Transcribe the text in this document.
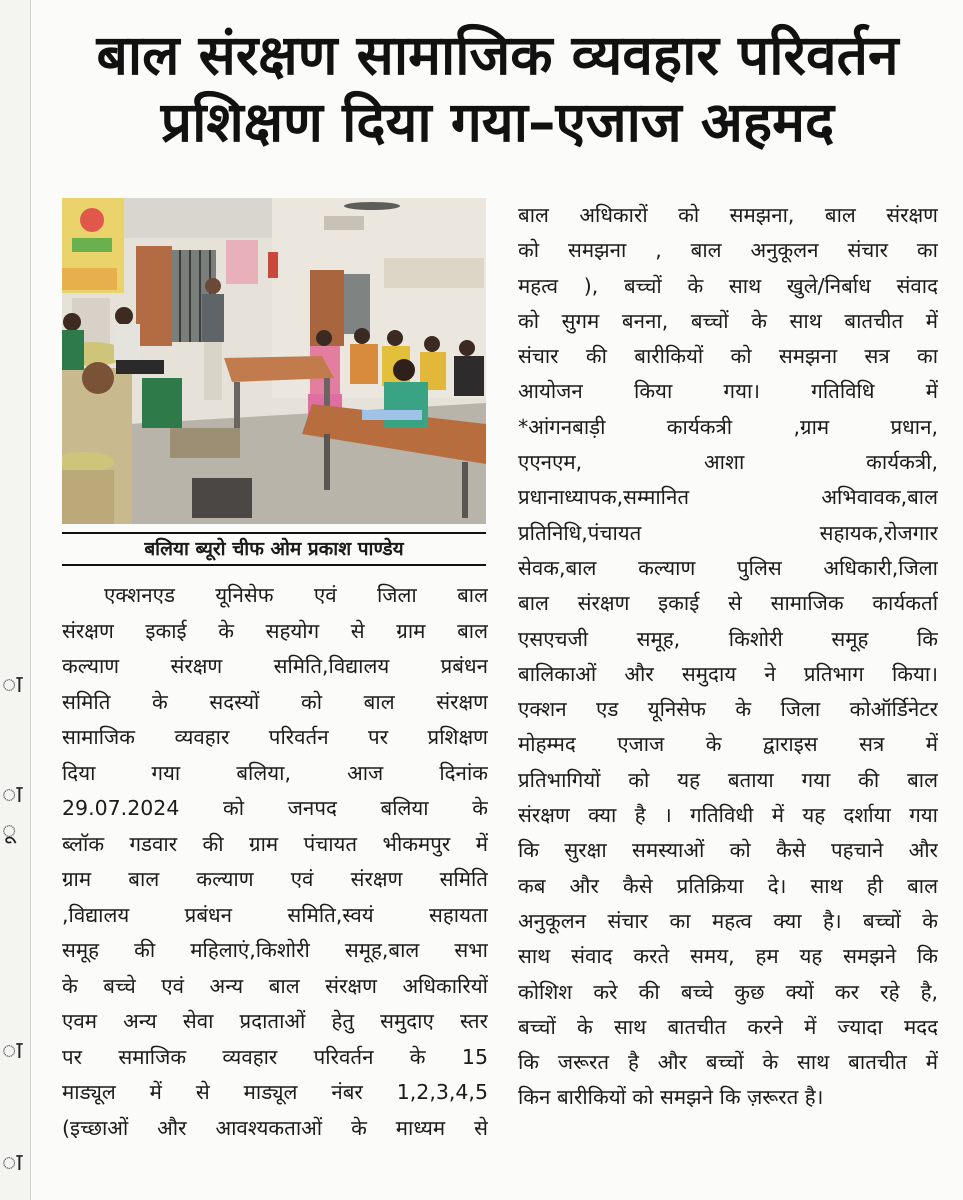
ा
ा
ू
ा
ा
बाल संरक्षण सामाजिक व्यवहार परिवर्तन
प्रशिक्षण दिया गया–एजाज अहमद
बलिया ब्यूरो चीफ ओम प्रकाश पाण्डेय
एक्शनएड यूनिसेफ एवं जिला बाल
संरक्षण इकाई के सहयोग से ग्राम बाल
कल्याण संरक्षण समिति,विद्यालय प्रबंधन
समिति के सदस्यों को बाल संरक्षण
सामाजिक व्यवहार परिवर्तन पर प्रशिक्षण
दिया गया बलिया, आज दिनांक
29.07.2024 को जनपद बलिया के
ब्लॉक गडवार की ग्राम पंचायत भीकमपुर में
ग्राम बाल कल्याण एवं संरक्षण समिति
,विद्यालय प्रबंधन समिति,स्वयं सहायता
समूह की महिलाएं,किशोरी समूह,बाल सभा
के बच्चे एवं अन्य बाल संरक्षण अधिकारियों
एवम अन्य सेवा प्रदाताओं हेतु समुदाए स्तर
पर समाजिक व्यवहार परिवर्तन के 15
माड्यूल में से माड्यूल नंबर 1,2,3,4,5
(इच्छाओं और आवश्यकताओं के माध्यम से
बाल अधिकारों को समझना, बाल संरक्षण
को समझना , बाल अनुकूलन संचार का
महत्व ), बच्चों के साथ खुले/निर्बाध संवाद
को सुगम बनना, बच्चों के साथ बातचीत में
संचार की बारीकियों को समझना सत्र का
आयोजन किया गया। गतिविधि में
*आंगनबाड़ी कार्यकत्री ,ग्राम प्रधान,
एएनएम, आशा कार्यकत्री,
प्रधानाध्यापक,सम्मानित अभिवावक,बाल
प्रतिनिधि,पंचायत सहायक,रोजगार
सेवक,बाल कल्याण पुलिस अधिकारी,जिला
बाल संरक्षण इकाई से सामाजिक कार्यकर्ता
एसएचजी समूह, किशोरी समूह कि
बालिकाओं और समुदाय ने प्रतिभाग किया।
एक्शन एड यूनिसेफ के जिला कोऑर्डिनेटर
मोहम्मद एजाज के द्वाराइस सत्र में
प्रतिभागियों को यह बताया गया की बाल
संरक्षण क्या है । गतिविधी में यह दर्शाया गया
कि सुरक्षा समस्याओं को कैसे पहचाने और
कब और कैसे प्रतिक्रिया दे। साथ ही बाल
अनुकूलन संचार का महत्व क्या है। बच्चों के
साथ संवाद करते समय, हम यह समझने कि
कोशिश करे की बच्चे कुछ क्यों कर रहे है,
बच्चों के साथ बातचीत करने में ज्यादा मदद
कि जरूरत है और बच्चों के साथ बातचीत में
किन बारीकियों को समझने कि ज़रूरत है।
